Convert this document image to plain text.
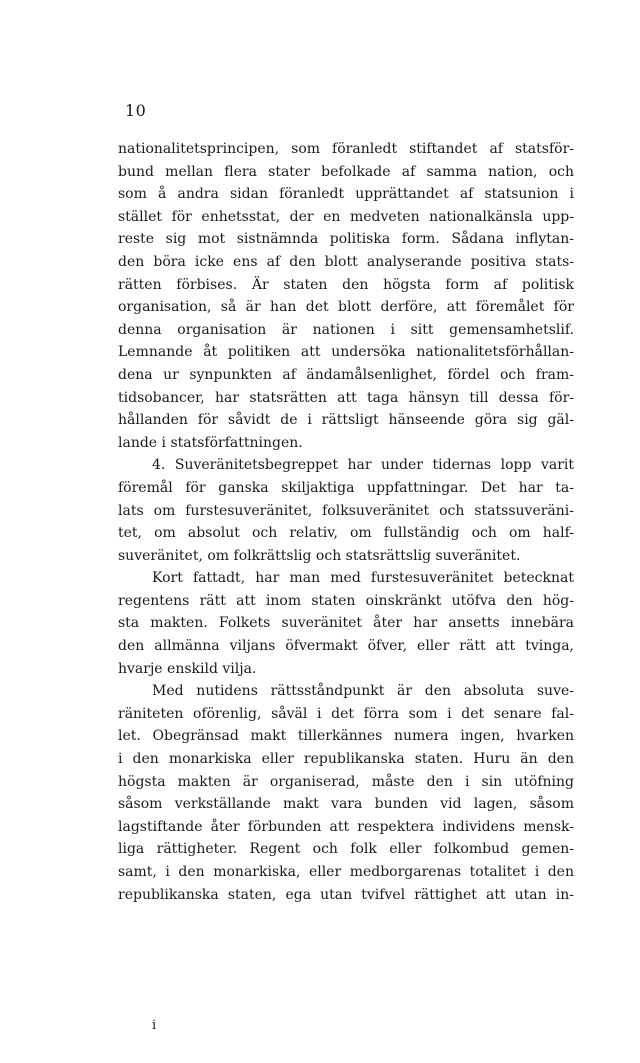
10
nationalitetsprincipen, som föranledt stiftandet af statsför-
bund mellan flera stater befolkade af samma nation, och
som å andra sidan föranledt upprättandet af statsunion i
stället för enhetsstat, der en medveten nationalkänsla upp-
reste sig mot sistnämnda politiska form. Sådana inflytan-
den böra icke ens af den blott analyserande positiva stats-
rätten förbises. Är staten den högsta form af politisk
organisation, så är han det blott derföre, att föremålet för
denna organisation är nationen i sitt gemensamhetslif.
Lemnande åt politiken att undersöka nationalitetsförhållan-
dena ur synpunkten af ändamålsenlighet, fördel och fram-
tidsobancer, har statsrätten att taga hänsyn till dessa för-
hållanden för såvidt de i rättsligt hänseende göra sig gäl-
lande i statsförfattningen.
4. Suveränitetsbegreppet har under tidernas lopp varit
föremål för ganska skiljaktiga uppfattningar. Det har ta-
lats om furstesuveränitet, folksuveränitet och statssuveräni-
tet, om absolut och relativ, om fullständig och om half-
suveränitet, om folkrättslig och statsrättslig suveränitet.
Kort fattadt, har man med furstesuveränitet betecknat
regentens rätt att inom staten oinskränkt utöfva den hög-
sta makten. Folkets suveränitet åter har ansetts innebära
den allmänna viljans öfvermakt öfver, eller rätt att tvinga,
hvarje enskild vilja.
Med nutidens rättsståndpunkt är den absoluta suve-
räniteten oförenlig, såväl i det förra som i det senare fal-
let. Obegränsad makt tillerkännes numera ingen, hvarken
i den monarkiska eller republikanska staten. Huru än den
högsta makten är organiserad, måste den i sin utöfning
såsom verkställande makt vara bunden vid lagen, såsom
lagstiftande åter förbunden att respektera individens mensk-
liga rättigheter. Regent och folk eller folkombud gemen-
samt, i den monarkiska, eller medborgarenas totalitet i den
republikanska staten, ega utan tvifvel rättighet att utan in-
i
